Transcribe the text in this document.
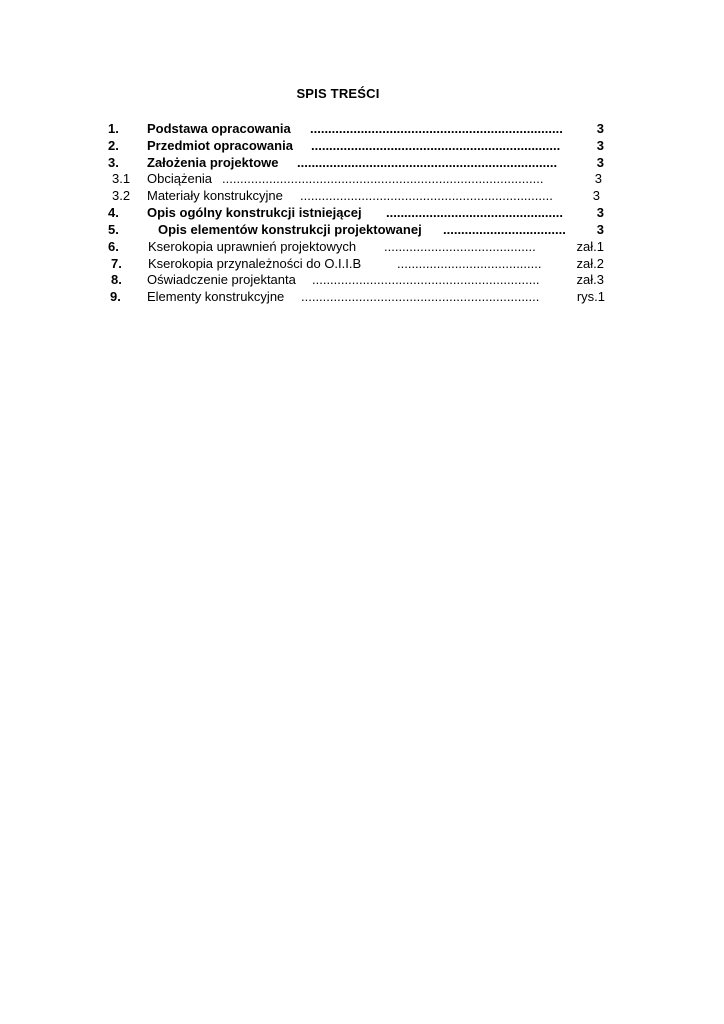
SPIS TREŚCI
1. Podstawa opracowania ......................................................................	3
2. Przedmiot opracowania .....................................................................	3
3. Założenia projektowe ........................................................................	3
3.1 Obciążenia .........................................................................................	3
3.2 Materiały konstrukcyjne ......................................................................	3
4. Opis ogólny konstrukcji istniejącej .................................................	3
5.	Opis elementów konstrukcji projektowanej ..................................	3
6. Kserokopia uprawnień projektowych ..........................................	zał.1
7. Kserokopia przynależności do O.I.I.B	........................................	zał.2
8. Oświadczenie projektanta ...............................................................	zał.3
9. Elementy konstrukcyjne ..................................................................	rys.1
